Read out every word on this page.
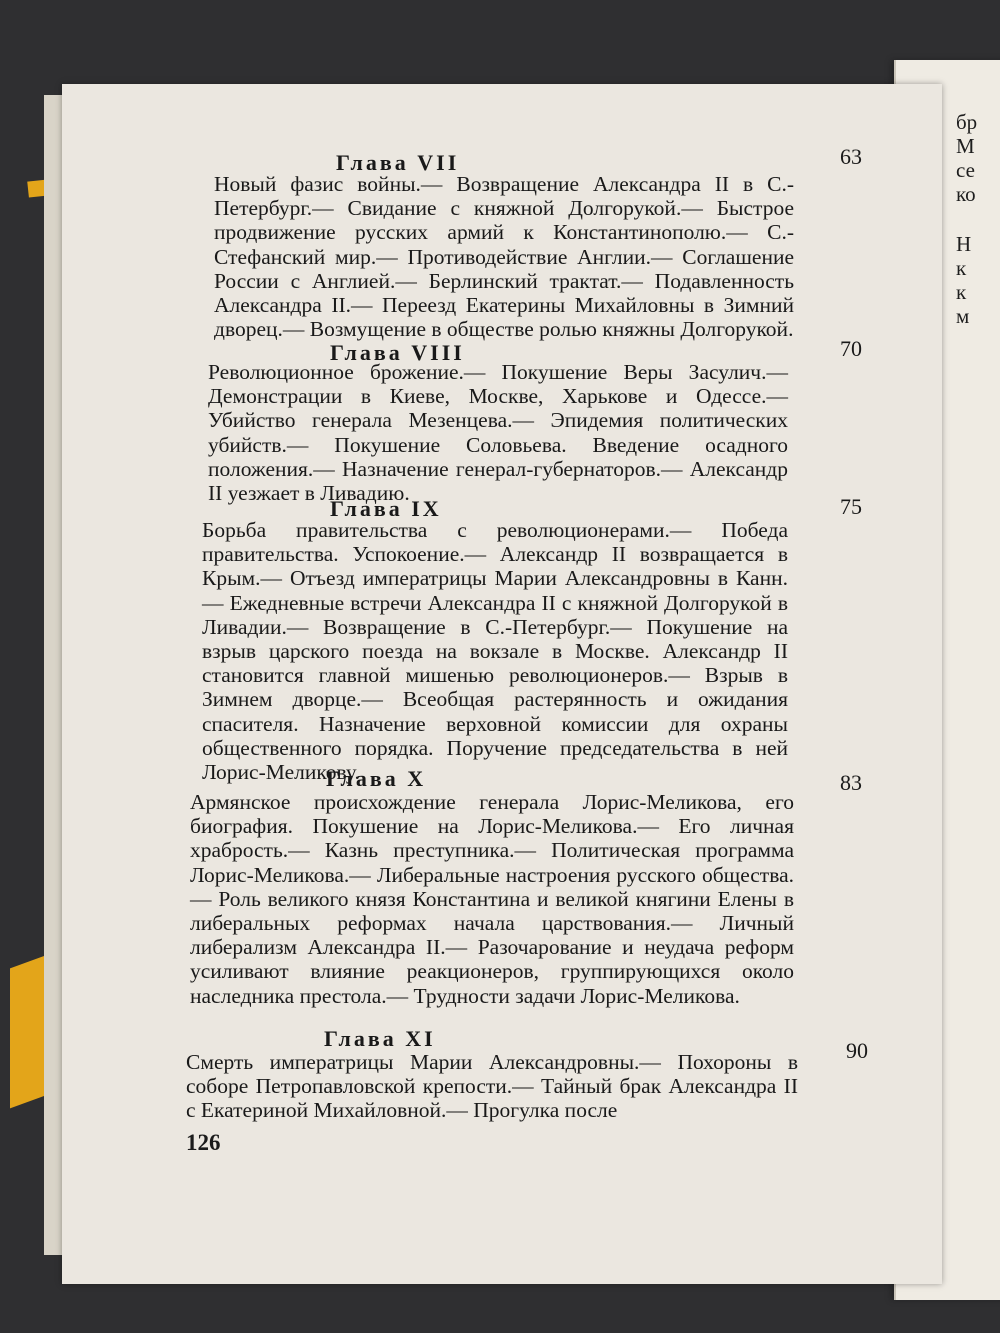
бр
М
се
ко
Н
к
к
м
Глава VII	63
Новый фазис войны.— Возвращение Александра II в С.-Петербург.— Свидание с княжной Долгорукой.— Быстрое продвижение русских армий к Константинополю.— С.-Стефанский мир.— Противодействие Англии.— Соглашение России с Англией.— Берлинский трактат.— Подавленность Александра II.— Переезд Екатерины Михайловны в Зимний дворец.— Возмущение в обществе ролью княжны Долгорукой.
Глава VIII	70
Революционное брожение.— Покушение Веры Засулич.— Демонстрации в Киеве, Москве, Харькове и Одессе.— Убийство генерала Мезенцева.— Эпидемия политических убийств.— Покушение Соловьева. Введение осадного положения.— Назначение генерал-губернаторов.— Александр II уезжает в Ливадию.
Глава IX	75
Борьба правительства с революционерами.— Победа правительства. Успокоение.— Александр II возвращается в Крым.— Отъезд императрицы Марии Александровны в Канн.— Ежедневные встречи Александра II с княжной Долгорукой в Ливадии.— Возвращение в С.-Петербург.— Покушение на взрыв царского поезда на вокзале в Москве. Александр II становится главной мишенью революционеров.— Взрыв в Зимнем дворце.— Всеобщая растерянность и ожидания спасителя. Назначение верховной комиссии для охраны общественного порядка. Поручение председательства в ней Лорис-Меликову.
Глава X	83
Армянское происхождение генерала Лорис-Меликова, его биография. Покушение на Лорис-Меликова.— Его личная храбрость.— Казнь преступника.— Политическая программа Лорис-Меликова.— Либеральные настроения русского общества.— Роль великого князя Константина и великой княгини Елены в либеральных реформах начала царствования.— Личный либерализм Александра II.— Разочарование и неудача реформ усиливают влияние реакционеров, группирующихся около наследника престола.— Трудности задачи Лорис-Меликова.
Глава XI	90
Смерть императрицы Марии Александровны.— Похороны в соборе Петропавловской крепости.— Тайный брак Александра II с Екатериной Михайловной.— Прогулка после
126
